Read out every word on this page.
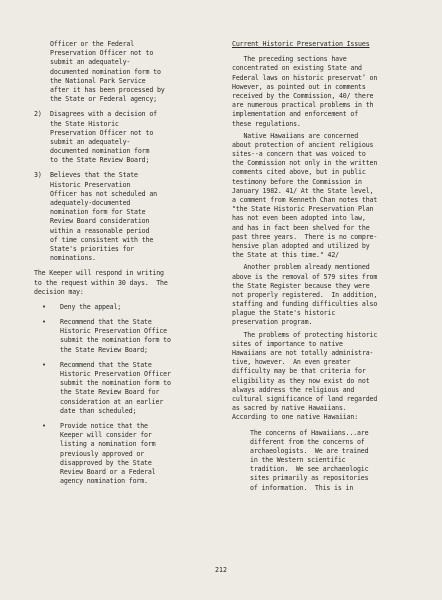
Officer or the Federal
Preservation Officer not to
submit an adequately-
documented nomination form to
the National Park Service
after it has been processed by
the State or Federal agency;
2) Disagrees with a decision of
the State Historic
Preservation Officer not to
submit an adequately-
documented nomination form
to the State Review Board;
3) Believes that the State
Historic Preservation
Officer has not scheduled an
adequately-documented
nomination form for State
Review Board consideration
within a reasonable period
of time consistent with the
State's priorities for
nominations.
The Keeper will respond in writing
to the request within 30 days.  The
decision may:
• Deny the appeal;
• Recommend that the State
Historic Preservation Office
submit the nomination form to
the State Review Board;
• Recommend that the State
Historic Preservation Officer
submit the nomination form to
the State Review Board for
consideration at an earlier
date than scheduled;
• Provide notice that the
Keeper will consider for
listing a nomination form
previously approved or
disapproved by the State
Review Board or a Federal
agency nomination form.
Current Historic Preservation Issues
The preceding sections have
concentrated on existing State and
Federal laws on historic preservat’ on
However, as pointed out in comments
received by the Commission, 40/ there
are numerous practical problems in th
implementation and enforcement of
these regulations.
Native Hawaiians are concerned
about protection of ancient religious
sites--a concern that was voiced to
the Commission not only in the written
comments cited above, but in public
testimony before the Commission in
January 1982. 41/ At the State level,
a comment from Kenneth Chan notes that
"the State Historic Preservation Plan
has not even been adopted into law,
and has in fact been shelved for the
past three years.  There is no compre-
hensive plan adopted and utilized by
the State at this time." 42/
Another problem already mentioned
above is the removal of 579 sites from
the State Register because they were
not properly registered.  In addition,
staffing and funding difficulties also
plague the State's historic
preservation program.
The problems of protecting historic
sites of importance to native
Hawaiians are not totally administra-
tive, however.  An even greater
difficulty may be that criteria for
eligibility as they now exist do not
always address the religious and
cultural significance of land regarded
as sacred by native Hawaiians.
According to one native Hawaiian:
The concerns of Hawaiians...are
different from the concerns of
archaeologists.  We are trained
in the Western scientific
tradition.  We see archaeologic
sites primarily as repositories
of information.  This is in
212
